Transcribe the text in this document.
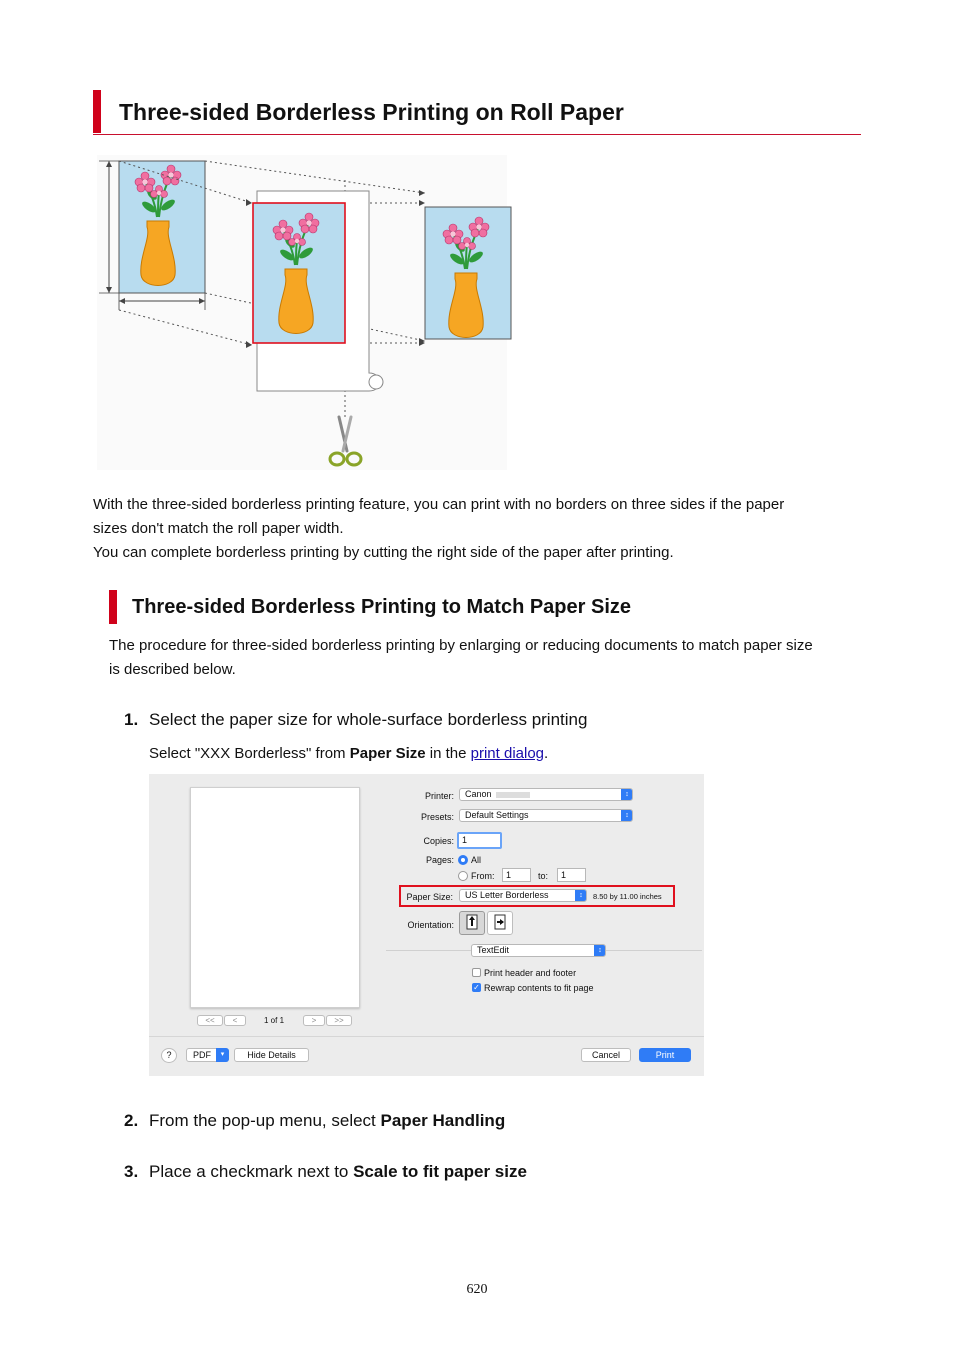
Three-sided Borderless Printing on Roll Paper
With the three-sided borderless printing feature, you can print with no borders on three sides if the paper
sizes don't match the roll paper width.
You can complete borderless printing by cutting the right side of the paper after printing.
Three-sided Borderless Printing to Match Paper Size
The procedure for three-sided borderless printing by enlarging or reducing documents to match paper size
is described below.
1. Select the paper size for whole-surface borderless printing
Select "XXX Borderless" from Paper Size in the print dialog.
<<	<	1 of 1	>	>>
Printer:	Canon	↕
Presets:	Default Settings	↕
Copies: 1
Pages: All
From:	1	to:	1
Paper Size:	US Letter Borderless	↕	8.50 by 11.00 inches
Orientation:
TextEdit	↕
Print header and footer
✓ Rewrap contents to fit page
?	PDF	▾	Hide Details	Cancel	Print
2. From the pop-up menu, select Paper Handling
3. Place a checkmark next to Scale to fit paper size
620
